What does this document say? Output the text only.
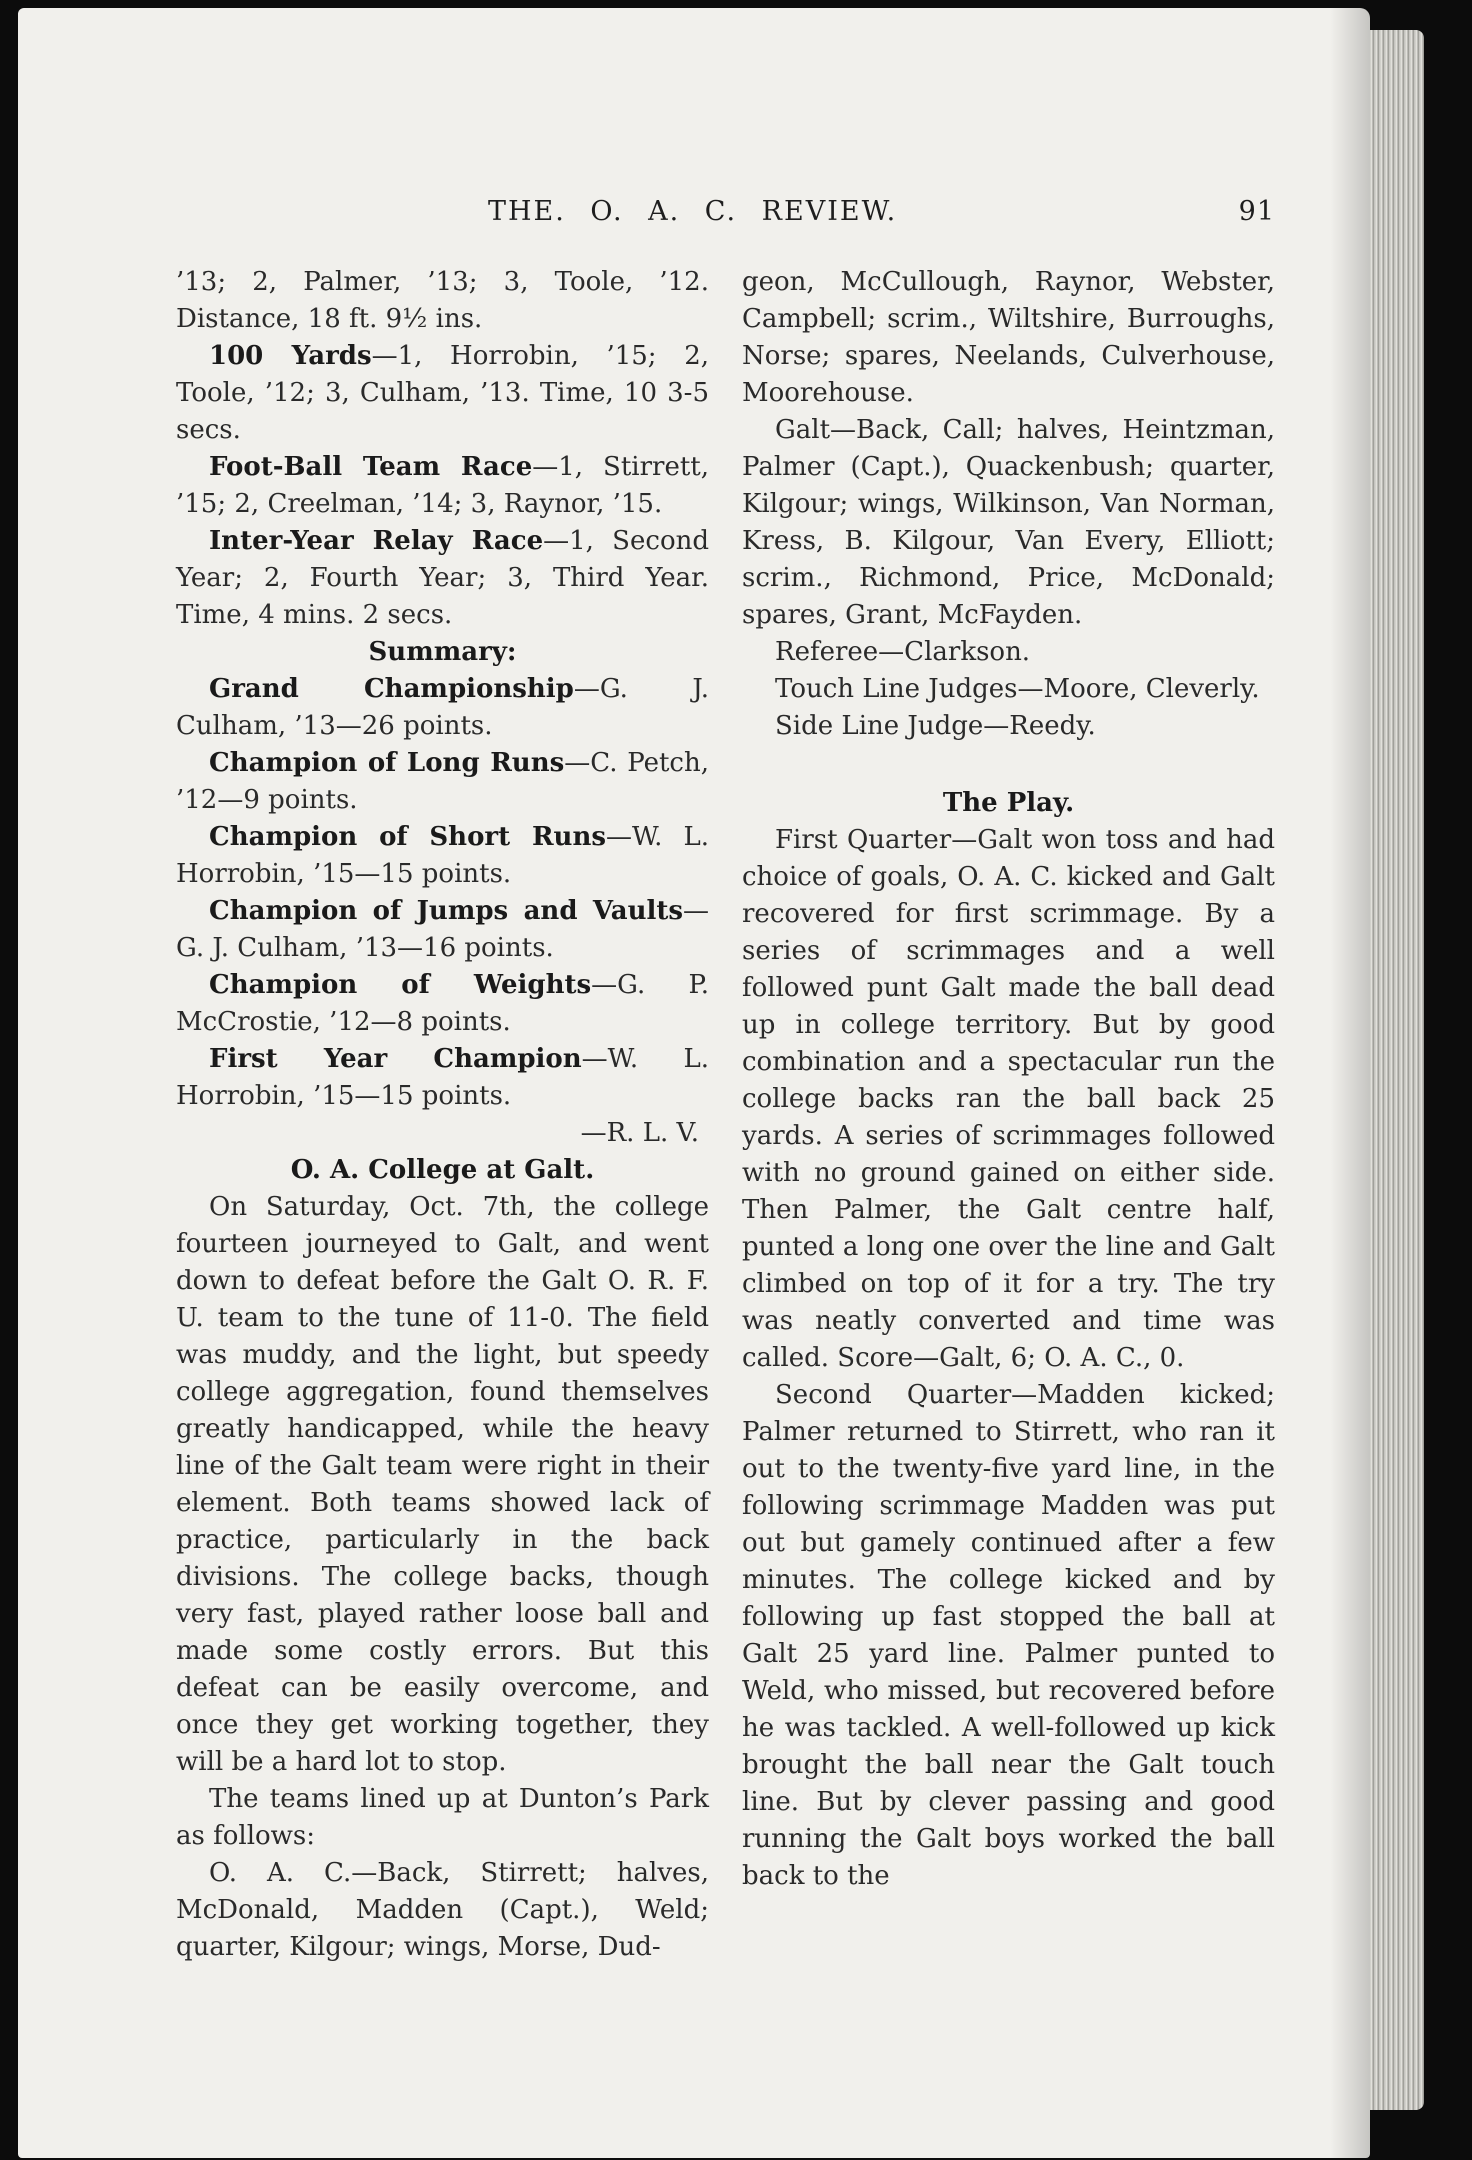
THE. O. A. C. REVIEW.	91

’13; 2, Palmer, ’13; 3, Toole, ’12. Distance, 18 ft. 9½ ins.

100 Yards—1, Horrobin, ’15; 2, Toole, ’12; 3, Culham, ’13. Time, 10 3-5 secs.

Foot-Ball Team Race—1, Stirrett, ’15; 2, Creelman, ’14; 3, Raynor, ’15.

Inter-Year Relay Race—1, Second Year; 2, Fourth Year; 3, Third Year. Time, 4 mins. 2 secs.

Summary:

Grand Championship—G. J. Culham, ’13—26 points.

Champion of Long Runs—C. Petch, ’12—9 points.

Champion of Short Runs—W. L. Horrobin, ’15—15 points.

Champion of Jumps and Vaults—G. J. Culham, ’13—16 points.

Champion of Weights—G. P. McCrostie, ’12—8 points.

First Year Champion—W. L. Horrobin, ’15—15 points.

—R. L. V.

O. A. College at Galt.

On Saturday, Oct. 7th, the college fourteen journeyed to Galt, and went down to defeat before the Galt O. R. F. U. team to the tune of 11-0. The field was muddy, and the light, but speedy college aggregation, found themselves greatly handicapped, while the heavy line of the Galt team were right in their element. Both teams showed lack of practice, particularly in the back divisions. The college backs, though very fast, played rather loose ball and made some costly errors. But this defeat can be easily overcome, and once they get working together, they will be a hard lot to stop.

The teams lined up at Dunton’s Park as follows:

O. A. C.—Back, Stirrett; halves, McDonald, Madden (Capt.), Weld; quarter, Kilgour; wings, Morse, Dud-

geon, McCullough, Raynor, Webster, Campbell; scrim., Wiltshire, Burroughs, Norse; spares, Neelands, Culverhouse, Moorehouse.

Galt—Back, Call; halves, Heintzman, Palmer (Capt.), Quackenbush; quarter, Kilgour; wings, Wilkinson, Van Norman, Kress, B. Kilgour, Van Every, Elliott; scrim., Richmond, Price, McDonald; spares, Grant, McFayden.

Referee—Clarkson.

Touch Line Judges—Moore, Cleverly.

Side Line Judge—Reedy.

The Play.

First Quarter—Galt won toss and had choice of goals, O. A. C. kicked and Galt recovered for first scrimmage. By a series of scrimmages and a well followed punt Galt made the ball dead up in college territory. But by good combination and a spectacular run the college backs ran the ball back 25 yards. A series of scrimmages followed with no ground gained on either side. Then Palmer, the Galt centre half, punted a long one over the line and Galt climbed on top of it for a try. The try was neatly converted and time was called. Score—Galt, 6; O. A. C., 0.

Second Quarter—Madden kicked; Palmer returned to Stirrett, who ran it out to the twenty-five yard line, in the following scrimmage Madden was put out but gamely continued after a few minutes. The college kicked and by following up fast stopped the ball at Galt 25 yard line. Palmer punted to Weld, who missed, but recovered before he was tackled. A well-followed up kick brought the ball near the Galt touch line. But by clever passing and good running the Galt boys worked the ball back to the
